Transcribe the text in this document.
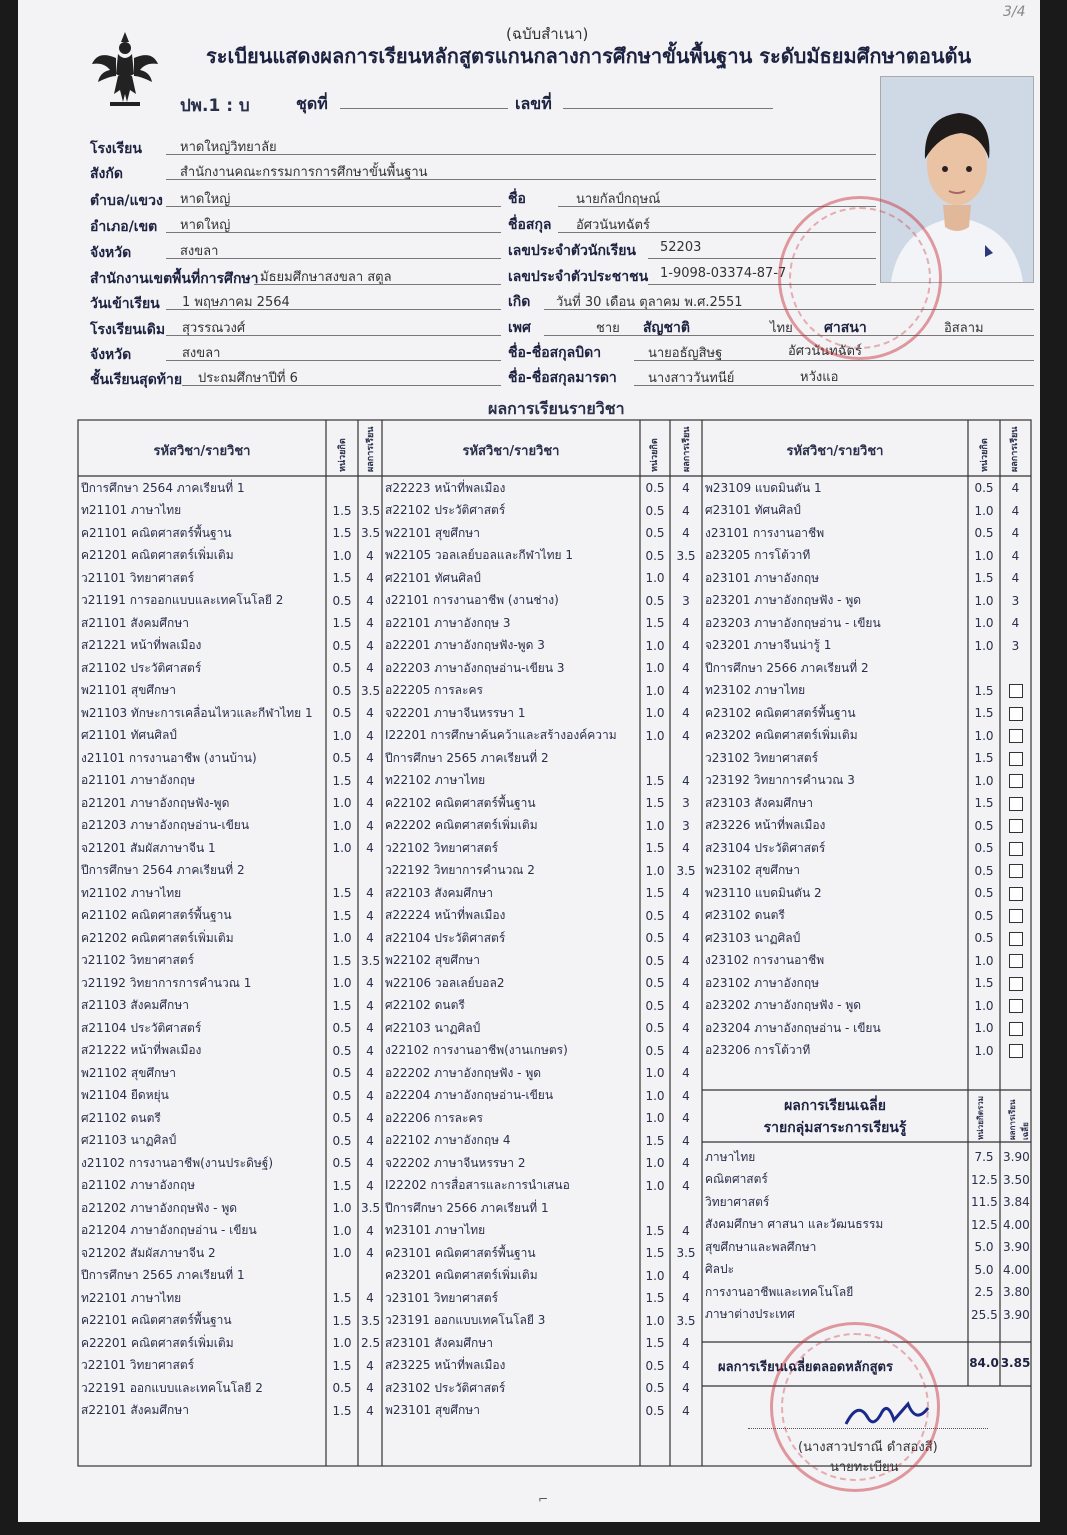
(ฉบับสำเนา)
3/4
ระเบียนแสดงผลการเรียนหลักสูตรแกนกลางการศึกษาขั้นพื้นฐาน ระดับมัธยมศึกษาตอนต้น
ปพ.1 : บ	ชุดที่	เลขที่
โรงเรียน	หาดใหญ่วิทยาลัย
สังกัด	สำนักงานคณะกรรมการการศึกษาขั้นพื้นฐาน
ตำบล/แขวง หาดใหญ่	ชื่อ	นายกัลป์กฤษณ์
อำเภอ/เขต หาดใหญ่	ชื่อสกุล อัศวนันทฉัตร์
จังหวัด	สงขลา	เลขประจำตัวนักเรียน 52203
สำนักงานเขตพื้นที่การศึกษา มัธยมศึกษาสงขลา สตูล	เลขประจำตัวประชาชน 1-9098-03374-87-7
วันเข้าเรียน 1 พฤษภาคม 2564	เกิด วันที่ 30 เดือน ตุลาคม พ.ศ.2551
โรงเรียนเดิม สุวรรณวงศ์	เพศ	ชาย สัญชาติ	ไทย ศาสนา	อิสลาม
จังหวัด	สงขลา	ชื่อ-ชื่อสกุลบิดา	นายอธัญสิษฐ	อัศวนันทฉัตร์
ชั้นเรียนสุดท้าย ประถมศึกษาปีที่ 6	ชื่อ-ชื่อสกุลมารดา นางสาววันทนีย์	หวังแอ
ผลการเรียนรายวิชา
รหัสวิชา/รายวิชา	หน่วยกิต ผลการเรียน	รหัสวิชา/รายวิชา	หน่วยกิต ผลการเรียน	รหัสวิชา/รายวิชา	หน่วยกิต ผลการเรียน
ปีการศึกษา 2564 ภาคเรียนที่ 1		
ท21101 ภาษาไทย	1.5	3.5
ค21101 คณิตศาสตร์พื้นฐาน	1.5	3.5
ค21201 คณิตศาสตร์เพิ่มเติม	1.0	4
ว21101 วิทยาศาสตร์	1.5	4
ว21191 การออกแบบและเทคโนโลยี 2	0.5	4
ส21101 สังคมศึกษา	1.5	4
ส21221 หน้าที่พลเมือง	0.5	4
ส21102 ประวัติศาสตร์	0.5	4
พ21101 สุขศึกษา	0.5	3.5
พ21103 ทักษะการเคลื่อนไหวและกีฬาไทย 1	0.5	4
ศ21101 ทัศนศิลป์	1.0	4
ง21101 การงานอาชีพ (งานบ้าน)	0.5	4
อ21101 ภาษาอังกฤษ	1.5	4
อ21201 ภาษาอังกฤษฟัง-พูด	1.0	4
อ21203 ภาษาอังกฤษอ่าน-เขียน	1.0	4
จ21201 สัมผัสภาษาจีน 1	1.0	4
ปีการศึกษา 2564 ภาคเรียนที่ 2		
ท21102 ภาษาไทย	1.5	4
ค21102 คณิตศาสตร์พื้นฐาน	1.5	4
ค21202 คณิตศาสตร์เพิ่มเติม	1.0	4
ว21102 วิทยาศาสตร์	1.5	3.5
ว21192 วิทยาการการคำนวณ 1	1.0	4
ส21103 สังคมศึกษา	1.5	4
ส21104 ประวัติศาสตร์	0.5	4
ส21222 หน้าที่พลเมือง	0.5	4
พ21102 สุขศึกษา	0.5	4
พ21104 ยืดหยุ่น	0.5	4
ศ21102 ดนตรี	0.5	4
ศ21103 นาฏศิลป์	0.5	4
ง21102 การงานอาชีพ(งานประดิษฐ์)	0.5	4
อ21102 ภาษาอังกฤษ	1.5	4
อ21202 ภาษาอังกฤษฟัง - พูด	1.0	3.5
อ21204 ภาษาอังกฤษอ่าน - เขียน	1.0	4
จ21202 สัมผัสภาษาจีน 2	1.0	4
ปีการศึกษา 2565 ภาคเรียนที่ 1		
ท22101 ภาษาไทย	1.5	4
ค22101 คณิตศาสตร์พื้นฐาน	1.5	3.5
ค22201 คณิตศาสตร์เพิ่มเติม	1.0	2.5
ว22101 วิทยาศาสตร์	1.5	4
ว22191 ออกแบบและเทคโนโลยี 2	0.5	4
ส22101 สังคมศึกษา	1.5	4
ส22223 หน้าที่พลเมือง	0.5	4
ส22102 ประวัติศาสตร์	0.5	4
พ22101 สุขศึกษา	0.5	4
พ22105 วอลเลย์บอลและกีฬาไทย 1	0.5	3.5
ศ22101 ทัศนศิลป์	1.0	4
ง22101 การงานอาชีพ (งานช่าง)	0.5	3
อ22101 ภาษาอังกฤษ 3	1.5	4
อ22201 ภาษาอังกฤษฟัง-พูด 3	1.0	4
อ22203 ภาษาอังกฤษอ่าน-เขียน 3	1.0	4
อ22205 การละคร	1.0	4
จ22201 ภาษาจีนหรรษา 1	1.0	4
I22201 การศึกษาค้นคว้าและสร้างองค์ความ	1.0	4
ปีการศึกษา 2565 ภาคเรียนที่ 2		
ท22102 ภาษาไทย	1.5	4
ค22102 คณิตศาสตร์พื้นฐาน	1.5	3
ค22202 คณิตศาสตร์เพิ่มเติม	1.0	3
ว22102 วิทยาศาสตร์	1.5	4
ว22192 วิทยาการคำนวณ 2	1.0	3.5
ส22103 สังคมศึกษา	1.5	4
ส22224 หน้าที่พลเมือง	0.5	4
ส22104 ประวัติศาสตร์	0.5	4
พ22102 สุขศึกษา	0.5	4
พ22106 วอลเลย์บอล2	0.5	4
ศ22102 ดนตรี	0.5	4
ศ22103 นาฏศิลป์	0.5	4
ง22102 การงานอาชีพ(งานเกษตร)	0.5	4
อ22202 ภาษาอังกฤษฟัง - พูด	1.0	4
อ22204 ภาษาอังกฤษอ่าน-เขียน	1.0	4
อ22206 การละคร	1.0	4
อ22102 ภาษาอังกฤษ 4	1.5	4
จ22202 ภาษาจีนหรรษา 2	1.0	4
I22202 การสื่อสารและการนำเสนอ	1.0	4
ปีการศึกษา 2566 ภาคเรียนที่ 1		
ท23101 ภาษาไทย	1.5	4
ค23101 คณิตศาสตร์พื้นฐาน	1.5	3.5
ค23201 คณิตศาสตร์เพิ่มเติม	1.0	4
ว23101 วิทยาศาสตร์	1.5	4
ว23191 ออกแบบเทคโนโลยี 3	1.0	3.5
ส23101 สังคมศึกษา	1.5	4
ส23225 หน้าที่พลเมือง	0.5	4
ส23102 ประวัติศาสตร์	0.5	4
พ23101 สุขศึกษา	0.5	4
พ23109 แบดมินตัน 1	0.5	4
ศ23101 ทัศนศิลป์	1.0	4
ง23101 การงานอาชีพ	0.5	4
อ23205 การโต้วาที	1.0	4
อ23101 ภาษาอังกฤษ	1.5	4
อ23201 ภาษาอังกฤษฟัง - พูด	1.0	3
อ23203 ภาษาอังกฤษอ่าน - เขียน	1.0	4
จ23201 ภาษาจีนน่ารู้ 1	1.0	3
ปีการศึกษา 2566 ภาคเรียนที่ 2		
ท23102 ภาษาไทย	1.5	
ค23102 คณิตศาสตร์พื้นฐาน	1.5	
ค23202 คณิตศาสตร์เพิ่มเติม	1.0	
ว23102 วิทยาศาสตร์	1.5	
ว23192 วิทยาการคำนวณ 3	1.0	
ส23103 สังคมศึกษา	1.5	
ส23226 หน้าที่พลเมือง	0.5	
ส23104 ประวัติศาสตร์	0.5	
พ23102 สุขศึกษา	0.5	
พ23110 แบดมินตัน 2	0.5	
ศ23102 ดนตรี	0.5	
ศ23103 นาฏศิลป์	0.5	
ง23102 การงานอาชีพ	1.0	
อ23102 ภาษาอังกฤษ	1.5	
อ23202 ภาษาอังกฤษฟัง - พูด	1.0	
อ23204 ภาษาอังกฤษอ่าน - เขียน	1.0	
อ23206 การโต้วาที	1.0	
ผลการเรียนเฉลี่ย
รายกลุ่มสาระการเรียนรู้	หน่วยกิตรวม	ผลการเรียนเฉลี่ย
ภาษาไทย	7.5	3.90
คณิตศาสตร์	12.5	3.50
วิทยาศาสตร์	11.5	3.84
สังคมศึกษา ศาสนา และวัฒนธรรม	12.5	4.00
สุขศึกษาและพลศึกษา	5.0	3.90
ศิลปะ	5.0	4.00
การงานอาชีพและเทคโนโลยี	2.5	3.80
ภาษาต่างประเทศ	25.5	3.90
ผลการเรียนเฉลี่ยตลอดหลักสูตร	84.0 3.85
(นางสาวปราณี ดำสองสี)
นายทะเบียน
⌐
